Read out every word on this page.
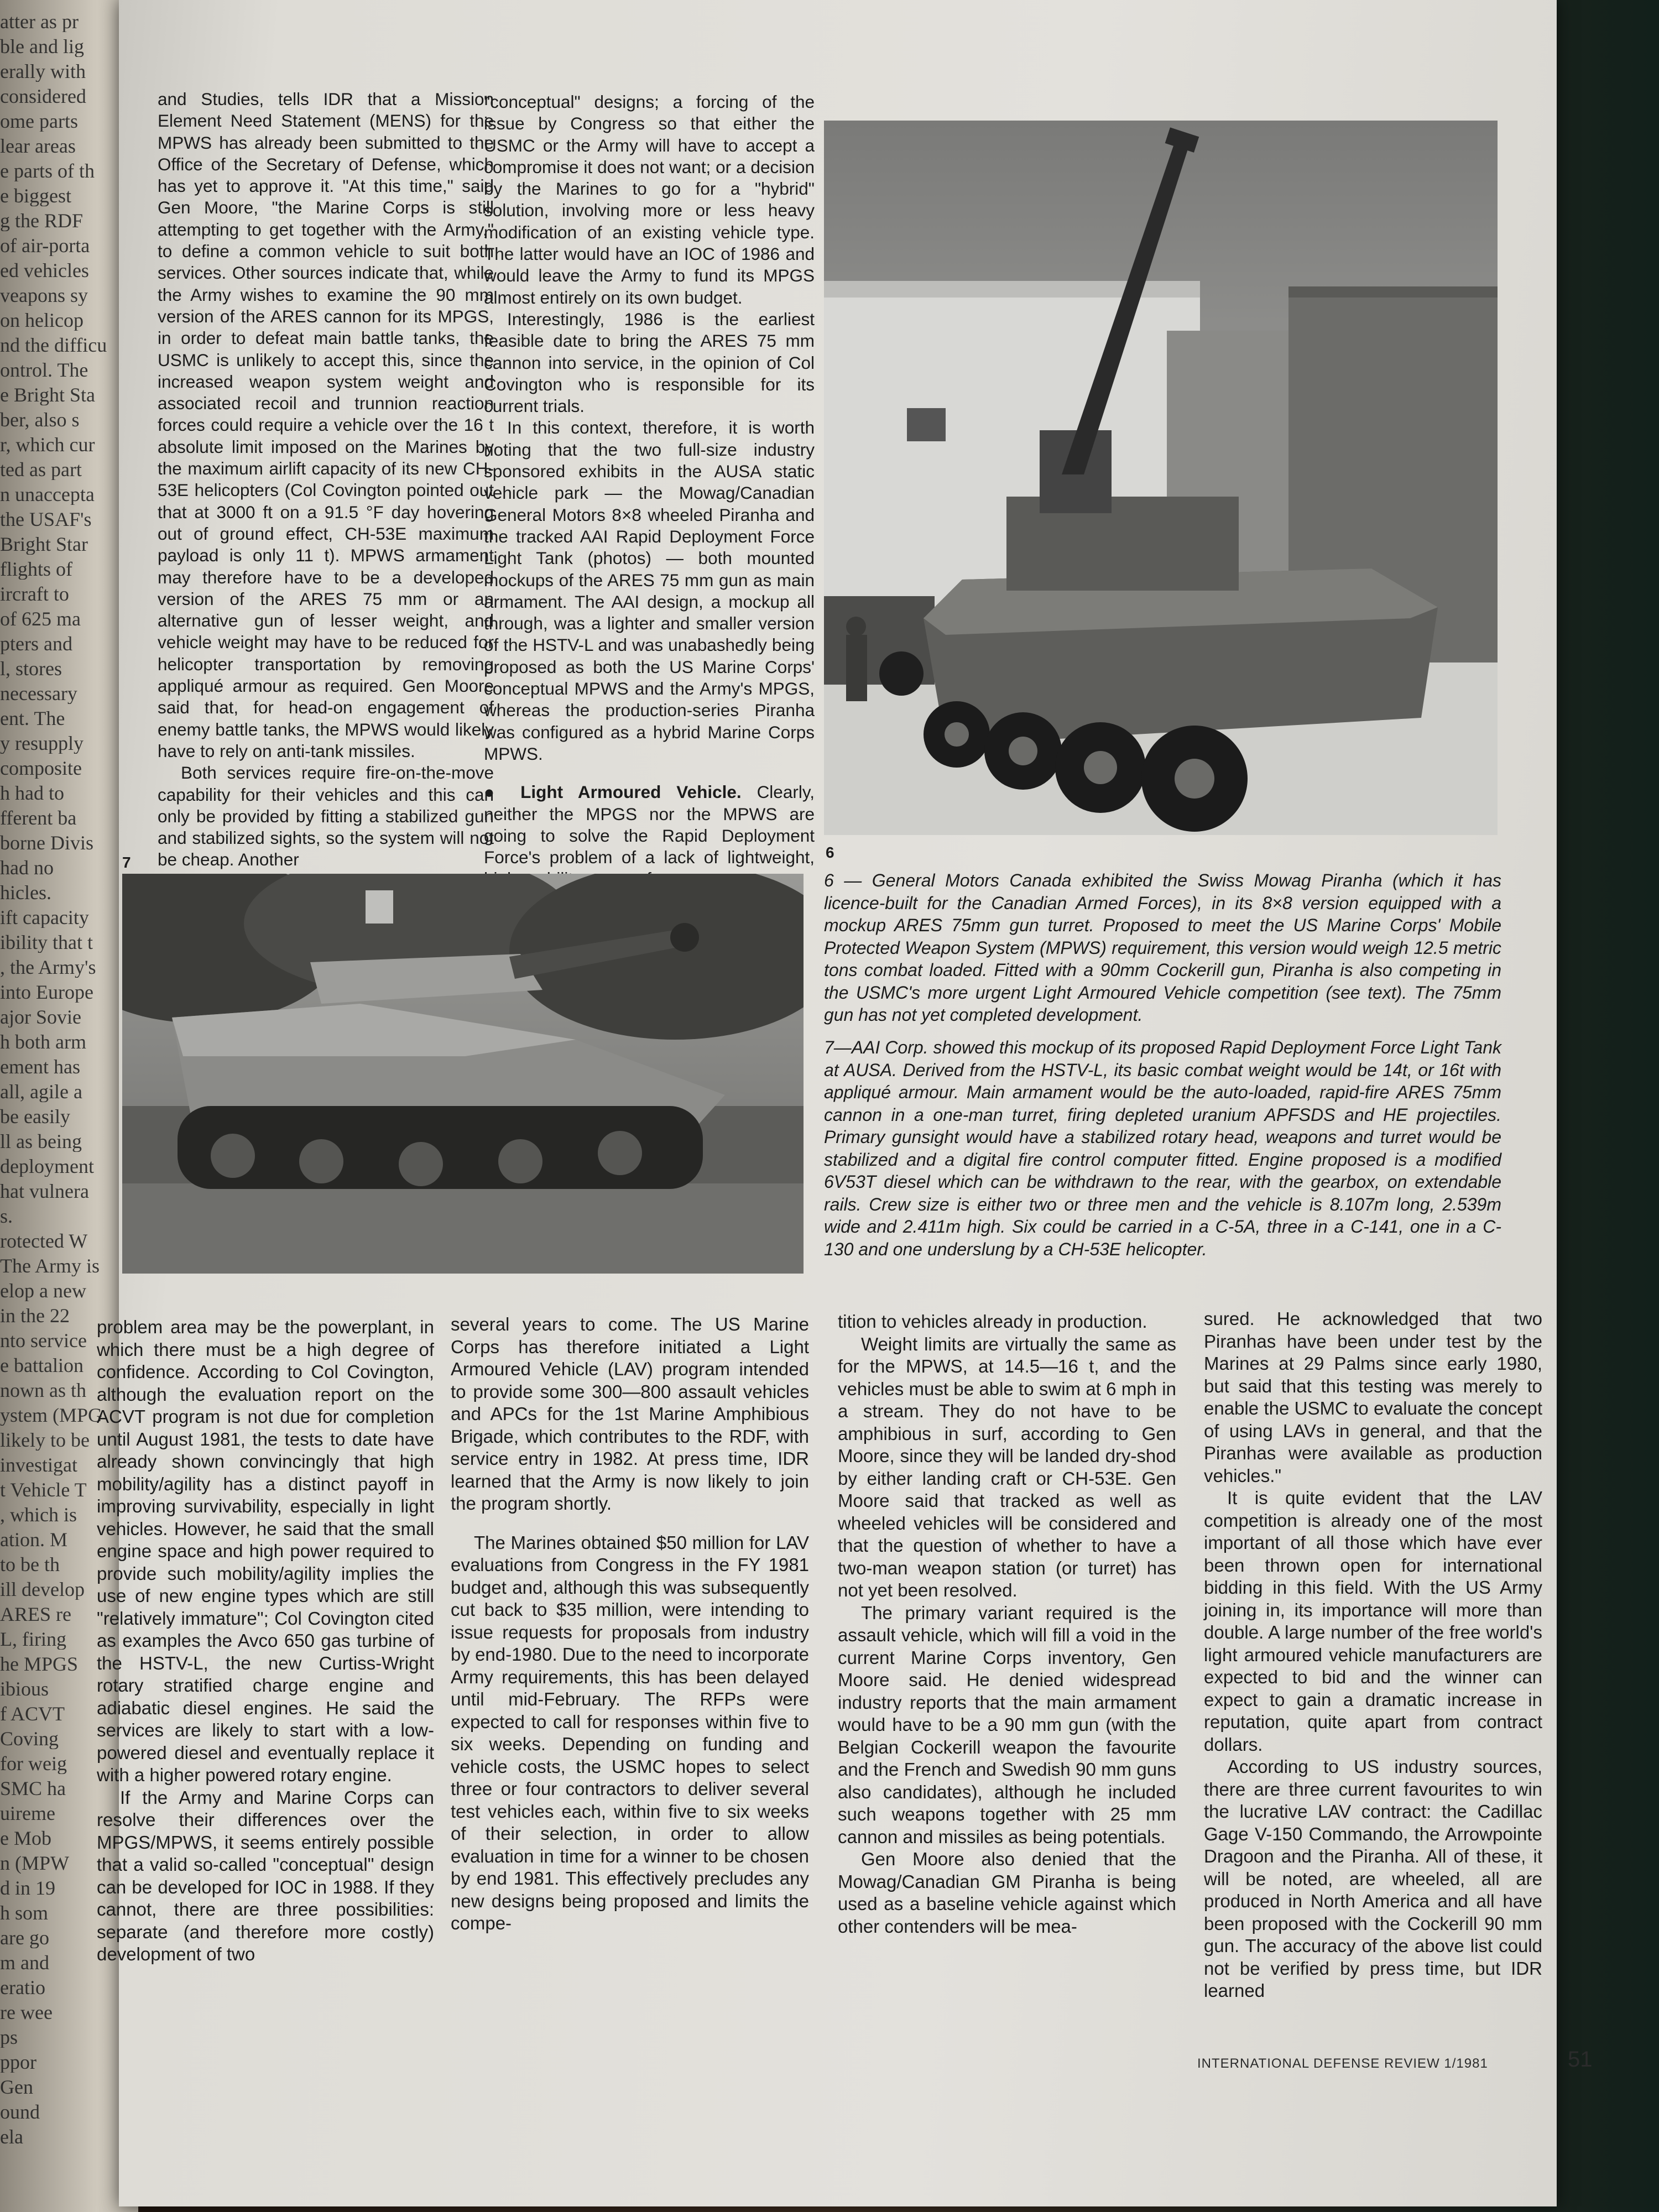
atter as pr
ble and lig
erally with
considered
ome parts
lear areas
e parts of th
e biggest
g the RDF
of air-porta
ed vehicles
veapons sy
on helicop
nd the difficu
ontrol. The
e Bright Sta
ber, also s
r, which cur
ted as part
n unaccepta
the USAF's
Bright Star
flights of
ircraft to
of 625 ma
pters and
l, stores
necessary
ent. The
y resupply
composite
h had to
fferent ba
borne Divis
had no
hicles.
ift capacity
ibility that t
, the Army's
into Europe
ajor Sovie
h both arm
ement has
all, agile a
be easily
ll as being
deployment
hat vulnera
s.
rotected W
The Army is
elop a new
in the 22
nto service
e battalion
nown as th
ystem (MPG
likely to be
investigat
t Vehicle T
, which is
ation. M
to be th
ill develop
ARES re
L, firing
he MPGS
ibious
f ACVT
Coving
for weig
SMC ha
uireme
e Mob
n (MPW
d in 19
h som
are go
m and
eratio
re wee
ps
ppor
Gen
ound
ela

and Studies, tells IDR that a Mission Element Need Statement (MENS) for the MPWS has already been submitted to the Office of the Secretary of Defense, which has yet to approve it. "At this time," said Gen Moore, "the Marine Corps is still attempting to get together with the Army," to define a common vehicle to suit both services. Other sources indicate that, while the Army wishes to examine the 90 mm version of the ARES cannon for its MPGS, in order to defeat main battle tanks, the USMC is unlikely to accept this, since the increased weapon system weight and associated recoil and trunnion reaction forces could require a vehicle over the 16 t absolute limit imposed on the Marines by the maximum airlift capacity of its new CH-53E helicopters (Col Covington pointed out that at 3000 ft on a 91.5 °F day hovering out of ground effect, CH-53E maximum payload is only 11 t). MPWS armament may therefore have to be a developed version of the ARES 75 mm or an alternative gun of lesser weight, and vehicle weight may have to be reduced for helicopter transportation by removing appliqué armour as required. Gen Moore said that, for head-on engagement of enemy battle tanks, the MPWS would likely have to rely on anti-tank missiles.

Both services require fire-on-the-move capability for their vehicles and this can only be provided by fitting a stabilized gun and stabilized sights, so the system will not be cheap. Another

"conceptual" designs; a forcing of the issue by Congress so that either the USMC or the Army will have to accept a compromise it does not want; or a decision by the Marines to go for a "hybrid" solution, involving more or less heavy modification of an existing vehicle type. The latter would have an IOC of 1986 and would leave the Army to fund its MPGS almost entirely on its own budget.

Interestingly, 1986 is the earliest feasible date to bring the ARES 75 mm cannon into service, in the opinion of Col Covington who is responsible for its current trials.

In this context, therefore, it is worth noting that the two full-size industry sponsored exhibits in the AUSA static vehicle park — the Mowag/Canadian General Motors 8×8 wheeled Piranha and the tracked AAI Rapid Deployment Force Light Tank (photos) — both mounted mockups of the ARES 75 mm gun as main armament. The AAI design, a mockup all through, was a lighter and smaller version of the HSTV-L and was unabashedly being proposed as both the US Marine Corps' conceptual MPWS and the Army's MPGS, whereas the production-series Piranha was configured as a hybrid Marine Corps MPWS.

● Light Armoured Vehicle. Clearly, neither the MPGS nor the MPWS are going to solve the Rapid Deployment Force's problem of a lack of lightweight, 6
7
6 — General Motors Canada exhibited the Swiss Mowag Piranha (which it has licence-built for the Canadian Armed Forces), in its 8×8 version equipped with a mockup ARES 75mm gun turret. Proposed to meet the US Marine Corps' Mobile Protected Weapon System (MPWS) requirement, this version would weigh 12.5 metric tons combat loaded. Fitted with a 90mm Cockerill gun, Piranha is also competing in the USMC's more urgent Light Armoured Vehicle competition (see text). The 75mm gun has not yet completed development.
7—AAI Corp. showed this mockup of its proposed Rapid Deployment Force Light Tank at AUSA. Derived from the HSTV-L, its basic combat weight would be 14t, or 16t with appliqué armour. Main armament would be the auto-loaded, rapid-fire ARES 75mm cannon in a one-man turret, firing depleted uranium APFSDS and HE projectiles. Primary gunsight would have a stabilized rotary head, weapons and turret would be stabilized and a digital fire control computer fitted. Engine proposed is a modified 6V53T diesel which can be withdrawn to the rear, with the gearbox, on extendable rails. Crew size is either two or three men and the vehicle is 8.107m long, 2.539m wide and 2.411m high. Six could be carried in a C-5A, three in a C-141, one in a C-130 and one underslung by a CH-53E helicopter.

problem area may be the powerplant, in which there must be a high degree of confidence. According to Col Covington, although the evaluation report on the ACVT program is not due for completion until August 1981, the tests to date have already shown convincingly that high mobility/agility has a distinct payoff in improving survivability, especially in light vehicles. However, he said that the small engine space and high power required to provide such mobility/agility implies the use of new engine types which are still "relatively immature"; Col Covington cited as examples the Avco 650 gas turbine of the HSTV-L, the new Curtiss-Wright rotary stratified charge engine and adiabatic diesel engines. He said the services are likely to start with a low-powered diesel and eventually replace it with a higher powered rotary engine.

If the Army and Marine Corps can resolve their differences over the MPGS/MPWS, it seems entirely possible that a valid so-called "conceptual" design can be developed for IOC in 1988. If they cannot, there are three possibilities: separate (and therefore more costly) development of two

several years to come. The US Marine Corps has therefore initiated a Light Armoured Vehicle (LAV) program intended to provide some 300—800 assault vehicles and APCs for the 1st Marine Amphibious Brigade, which contributes to the RDF, with service entry in 1982. At press time, IDR learned that the Army is now likely to join the program shortly.

The Marines obtained $50 million for LAV evaluations from Congress in the FY 1981 budget and, although this was subsequently cut back to $35 million, were intending to issue requests for proposals from industry by end-1980. Due to the need to incorporate Army requirements, this has been delayed until mid-February. The RFPs were expected to call for responses within five to six weeks. Depending on funding and vehicle costs, the USMC hopes to select three or four contractors to deliver several test vehicles each, within five to six weeks of their selection, in order to allow evaluation in time for a winner to be chosen by end 1981. This effectively precludes any new designs being proposed and limits the compe-

tition to vehicles already in production.

Weight limits are virtually the same as for the MPWS, at 14.5—16 t, and the vehicles must be able to swim at 6 mph in a stream. They do not have to be amphibious in surf, according to Gen Moore, since they will be landed dry-shod by either landing craft or CH-53E. Gen Moore said that tracked as well as wheeled vehicles will be considered and that the question of whether to have a two-man weapon station (or turret) has not yet been resolved.

The primary variant required is the assault vehicle, which will fill a void in the current Marine Corps inventory, Gen Moore said. He denied widespread industry reports that the main armament would have to be a 90 mm gun (with the Belgian Cockerill weapon the favourite and the French and Swedish 90 mm guns also candidates), although he included such weapons together with 25 mm cannon and missiles as being potentials.

Gen Moore also denied that the Mowag/Canadian GM Piranha is being used as a baseline vehicle against which other contenders will be mea-

sured. He acknowledged that two Piranhas have been under test by the Marines at 29 Palms since early 1980, but said that this testing was merely to enable the USMC to evaluate the concept of using LAVs in general, and that the Piranhas were available as production vehicles."

It is quite evident that the LAV competition is already one of the most important of all those which have ever been thrown open for international bidding in this field. With the US Army joining in, its importance will more than double. A large number of the free world's light armoured vehicle manufacturers are expected to bid and the winner can expect to gain a dramatic increase in reputation, quite apart from contract dollars.

According to US industry sources, there are three current favourites to win the lucrative LAV contract: the Cadillac Gage V-150 Commando, the Arrowpointe Dragoon and the Piranha. All of these, it will be noted, are wheeled, all are produced in North America and all have been proposed with the Cockerill 90 mm gun. The accuracy of the above list could not be verified by press time, but IDR learned

INTERNATIONAL DEFENSE REVIEW 1/1981	51
